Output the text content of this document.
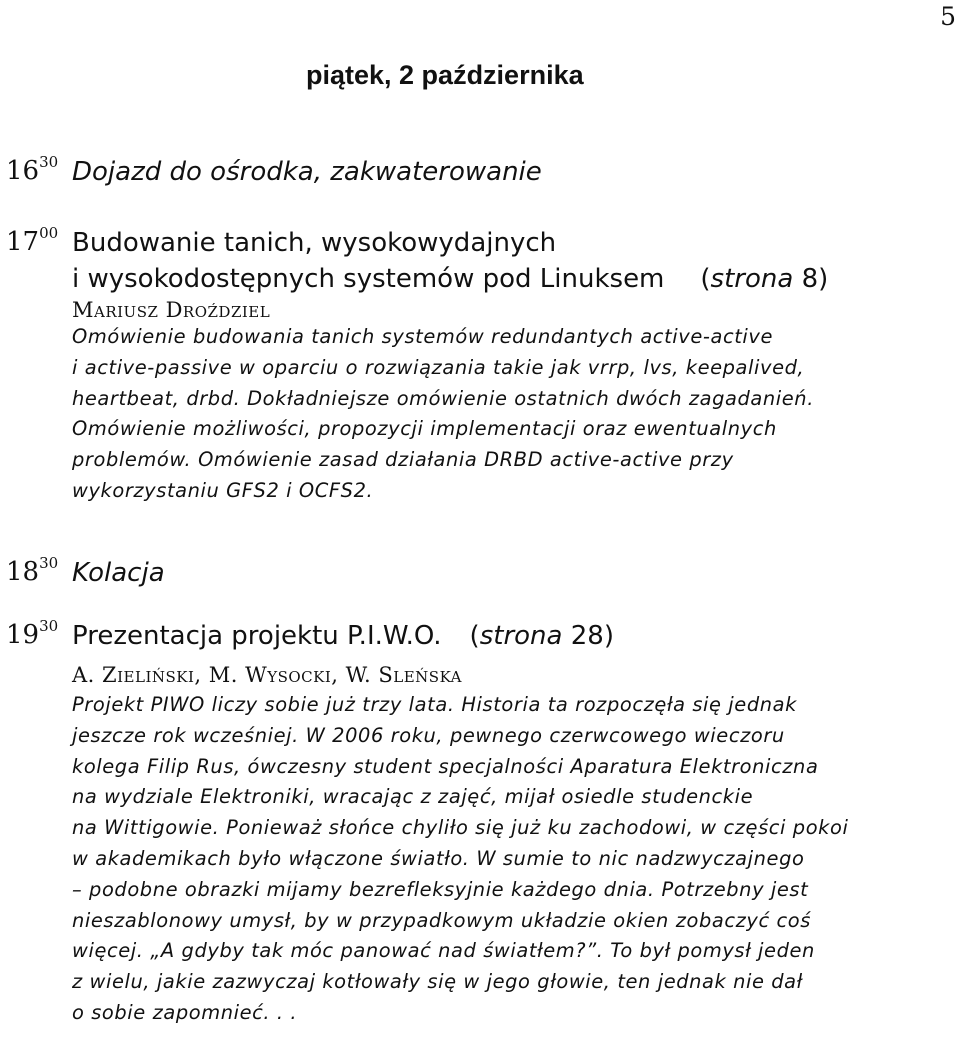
5
piątek, 2 października
$16^{30}$ Dojazd do ośrodka, zakwaterowanie
$17^{00}$ Budowanie tanich, wysokowydajnych
i wysokodostępnych systemów pod Linuksem (strona 8)
Mariusz Droździel
Omówienie budowania tanich systemów redundantych active-active
i active-passive w oparciu o rozwiązania takie jak vrrp, lvs, keepalived,
heartbeat, drbd. Dokładniejsze omówienie ostatnich dwóch zagadanień.
Omówienie możliwości, propozycji implementacji oraz ewentualnych
problemów. Omówienie zasad działania DRBD active-active przy
wykorzystaniu GFS2 i OCFS2.
$18^{30}$ Kolacja
$19^{30}$ Prezentacja projektu P.I.W.O. (strona 28)
A. Zieliński, M. Wysocki, W. Sleńska
Projekt PIWO liczy sobie już trzy lata. Historia ta rozpoczęła się jednak
jeszcze rok wcześniej. W 2006 roku, pewnego czerwcowego wieczoru
kolega Filip Rus, ówczesny student specjalności Aparatura Elektroniczna
na wydziale Elektroniki, wracając z zajęć, mijał osiedle studenckie
na Wittigowie. Ponieważ słońce chyliło się już ku zachodowi, w części pokoi
w akademikach było włączone światło. W sumie to nic nadzwyczajnego
– podobne obrazki mijamy bezrefleksyjnie każdego dnia. Potrzebny jest
nieszablonowy umysł, by w przypadkowym układzie okien zobaczyć coś
więcej. „A gdyby tak móc panować nad światłem?”. To był pomysł jeden
z wielu, jakie zazwyczaj kotłowały się w jego głowie, ten jednak nie dał
o sobie zapomnieć. . .
